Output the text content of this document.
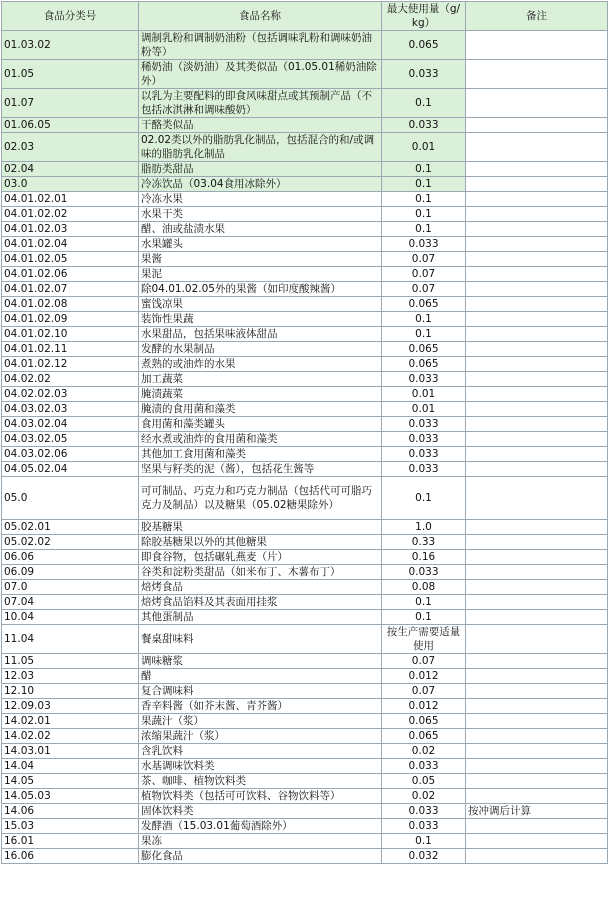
食品分类号	食品名称	最大使用量（g/kg）	备注
01.03.02	调制乳粉和调制奶油粉（包括调味乳粉和调味奶油粉等）	0.065	
01.05	稀奶油（淡奶油）及其类似品（01.05.01稀奶油除外）	0.033	
01.07	以乳为主要配料的即食风味甜点或其预制产品（不包括冰淇淋和调味酸奶）	0.1	
01.06.05	干酪类似品	0.033	
02.03	02.02类以外的脂肪乳化制品，包括混合的和/或调味的脂肪乳化制品	0.01	
02.04	脂肪类甜品	0.1	
03.0	冷冻饮品（03.04食用冰除外）	0.1	
04.01.02.01	冷冻水果	0.1	
04.01.02.02	水果干类	0.1	
04.01.02.03	醋、油或盐渍水果	0.1	
04.01.02.04	水果罐头	0.033	
04.01.02.05	果酱	0.07	
04.01.02.06	果泥	0.07	
04.01.02.07	除04.01.02.05外的果酱（如印度酸辣酱）	0.07	
04.01.02.08	蜜饯凉果	0.065	
04.01.02.09	装饰性果蔬	0.1	
04.01.02.10	水果甜品，包括果味液体甜品	0.1	
04.01.02.11	发酵的水果制品	0.065	
04.01.02.12	煮熟的或油炸的水果	0.065	
04.02.02	加工蔬菜	0.033	
04.02.02.03	腌渍蔬菜	0.01	
04.03.02.03	腌渍的食用菌和藻类	0.01	
04.03.02.04	食用菌和藻类罐头	0.033	
04.03.02.05	经水煮或油炸的食用菌和藻类	0.033	
04.03.02.06	其他加工食用菌和藻类	0.033	
04.05.02.04	坚果与籽类的泥（酱），包括花生酱等	0.033	
05.0	可可制品、巧克力和巧克力制品（包括代可可脂巧克力及制品）以及糖果（05.02糖果除外）	0.1	
05.02.01	胶基糖果	1.0	
05.02.02	除胶基糖果以外的其他糖果	0.33	
06.06	即食谷物，包括碾轧燕麦（片）	0.16	
06.09	谷类和淀粉类甜品（如米布丁、木薯布丁）	0.033	
07.0	焙烤食品	0.08	
07.04	焙烤食品馅料及其表面用挂浆	0.1	
10.04	其他蛋制品	0.1	
11.04	餐桌甜味料	按生产需要适量使用	
11.05	调味糖浆	0.07	
12.03	醋	0.012	
12.10	复合调味料	0.07	
12.09.03	香辛料酱（如芥末酱、青芥酱）	0.012	
14.02.01	果蔬汁（浆）	0.065	
14.02.02	浓缩果蔬汁（浆）	0.065	
14.03.01	含乳饮料	0.02	
14.04	水基调味饮料类	0.033	
14.05	茶、咖啡、植物饮料类	0.05	
14.05.03	植物饮料类（包括可可饮料、谷物饮料等）	0.02	
14.06	固体饮料类	0.033	按冲调后计算
15.03	发酵酒（15.03.01葡萄酒除外）	0.033	
16.01	果冻	0.1	
16.06	膨化食品	0.032	
